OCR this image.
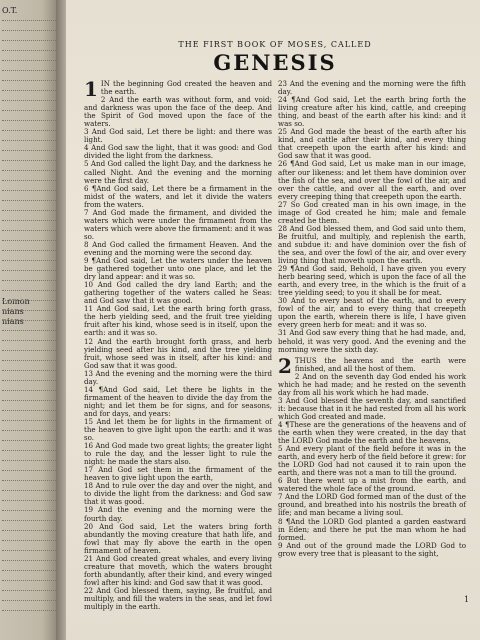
O.T.
Lomon
nians
nians
THE FIRST BOOK OF MOSES, CALLED
GENESIS
1 IN the beginning God created the heaven and the earth.

2 And the earth was without form, and void; and darkness was upon the face of the deep. And the Spirit of God moved upon the face of the waters.

3 And God said, Let there be light: and there was light.

4 And God saw the light, that it was good: and God divided the light from the darkness.

5 And God called the light Day, and the darkness he called Night. And the evening and the morning were the first day.

6 ¶And God said, Let there be a firmament in the midst of the waters, and let it divide the waters from the waters.

7 And God made the firmament, and divided the waters which were under the firmament from the waters which were above the firmament: and it was so.

8 And God called the firmament Heaven. And the evening and the morning were the second day.

9 ¶And God said, Let the waters under the heaven be gathered together unto one place, and let the dry land appear: and it was so.

10 And God called the dry land Earth; and the gathering together of the waters called he Seas: and God saw that it was good.

11 And God said, Let the earth bring forth grass, the herb yielding seed, and the fruit tree yielding fruit after his kind, whose seed is in itself, upon the earth: and it was so.

12 And the earth brought forth grass, and herb yielding seed after his kind, and the tree yielding fruit, whose seed was in itself, after his kind: and God saw that it was good.

13 And the evening and the morning were the third day.

14 ¶And God said, Let there be lights in the firmament of the heaven to divide the day from the night; and let them be for signs, and for seasons, and for days, and years:

15 And let them be for lights in the firmament of the heaven to give light upon the earth: and it was so.

16 And God made two great lights; the greater light to rule the day, and the lesser light to rule the night: he made the stars also.

17 And God set them in the firmament of the heaven to give light upon the earth,

18 And to rule over the day and over the night, and to divide the light from the darkness: and God saw that it was good.

19 And the evening and the morning were the fourth day.

20 And God said, Let the waters bring forth abundantly the moving creature that hath life, and fowl that may fly above the earth in the open firmament of heaven.

21 And God created great whales, and every living creature that moveth, which the waters brought forth abundantly, after their kind, and every winged fowl after his kind: and God saw that it was good.

22 And God blessed them, saying, Be fruitful, and multiply, and fill the waters in the seas, and let fowl multiply in the earth.

23 And the evening and the morning were the fifth day.

24 ¶And God said, Let the earth bring forth the living creature after his kind, cattle, and creeping thing, and beast of the earth after his kind: and it was so.

25 And God made the beast of the earth after his kind, and cattle after their kind, and every thing that creepeth upon the earth after his kind: and God saw that it was good.

26 ¶And God said, Let us make man in our image, after our likeness: and let them have dominion over the fish of the sea, and over the fowl of the air, and over the cattle, and over all the earth, and over every creeping thing that creepeth upon the earth.

27 So God created man in his own image, in the image of God created he him; male and female created he them.

28 And God blessed them, and God said unto them, Be fruitful, and multiply, and replenish the earth, and subdue it: and have dominion over the fish of the sea, and over the fowl of the air, and over every living thing that moveth upon the earth.

29 ¶And God said, Behold, I have given you every herb bearing seed, which is upon the face of all the earth, and every tree, in the which is the fruit of a tree yielding seed; to you it shall be for meat.

30 And to every beast of the earth, and to every fowl of the air, and to every thing that creepeth upon the earth, wherein there is life, I have given every green herb for meat: and it was so.

31 And God saw every thing that he had made, and, behold, it was very good. And the evening and the morning were the sixth day.

2 THUS the heavens and the earth were finished, and all the host of them.

2 And on the seventh day God ended his work which he had made; and he rested on the seventh day from all his work which he had made.

3 And God blessed the seventh day, and sanctified it: because that in it he had rested from all his work which God created and made.

4 ¶These are the generations of the heavens and of the earth when they were created, in the day that the LORD God made the earth and the heavens,

5 And every plant of the field before it was in the earth, and every herb of the field before it grew: for the LORD God had not caused it to rain upon the earth, and there was not a man to till the ground.

6 But there went up a mist from the earth, and watered the whole face of the ground.

7 And the LORD God formed man of the dust of the ground, and breathed into his nostrils the breath of life; and man became a living soul.

8 ¶And the LORD God planted a garden eastward in Eden; and there he put the man whom he had formed.

9 And out of the ground made the LORD God to grow every tree that is pleasant to the sight,

1
